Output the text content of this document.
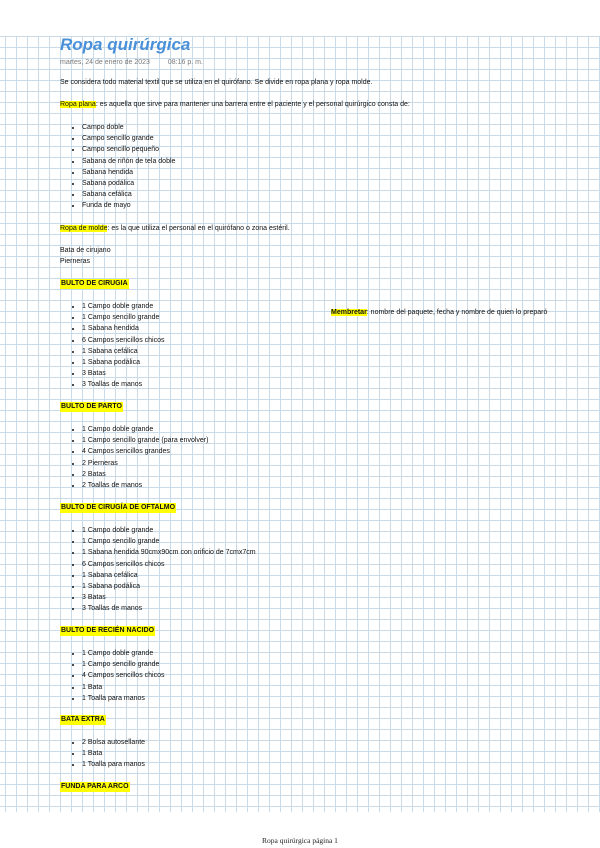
Ropa quirúrgica
martes, 24 de enero de 2023	08:16 p. m.
Se considera todo material textil que se utiliza en el quirófano. Se divide en ropa plana y ropa molde.
Ropa plana: es aquella que sirve para mantener una barrera entre el paciente y el personal quirúrgico consta de:
• Campo doble
• Campo sencillo grande
• Campo sencillo pequeño
• Sabana de riñón de tela doble
• Sabana hendida
• Sabana podálica
• Sabana cefálica
• Funda de mayo
Ropa de molde: es la que utiliza el personal en el quirófano o zona estéril.
Bata de cirujano
Pierneras
Membretar: nombre del paquete, fecha y nombre de quien lo preparó
BULTO DE CIRUGIA
• 1 Campo doble grande
• 1 Campo sencillo grande
• 1 Sabana hendida
• 6 Campos sencillos chicos
• 1 Sabana cefálica
• 1 Sabana podálica
• 3 Batas
• 3 Toallas de manos
BULTO DE PARTO
• 1 Campo doble grande
• 1 Campo sencillo grande (para envolver)
• 4 Campos sencillos grandes
• 2 Pierneras
• 2 Batas
• 2 Toallas de manos
BULTO DE CIRUGÍA DE OFTALMO
• 1 Campo doble grande
• 1 Campo sencillo grande
• 1 Sabana hendida 90cmx90cm con orificio de 7cmx7cm
• 6 Campos sencillos chicos
• 1 Sabana cefálica
• 1 Sabana podálica
• 3 Batas
• 3 Toallas de manos
BULTO DE RECIÉN NACIDO
• 1 Campo doble grande
• 1 Campo sencillo grande
• 4 Campos sencillos chicos
• 1 Bata
• 1 Toalla para manos
BATA EXTRA
• 2 Bolsa autosellante
• 1 Bata
• 1 Toalla para manos
FUNDA PARA ARCO
Ropa quirúrgica página 1
